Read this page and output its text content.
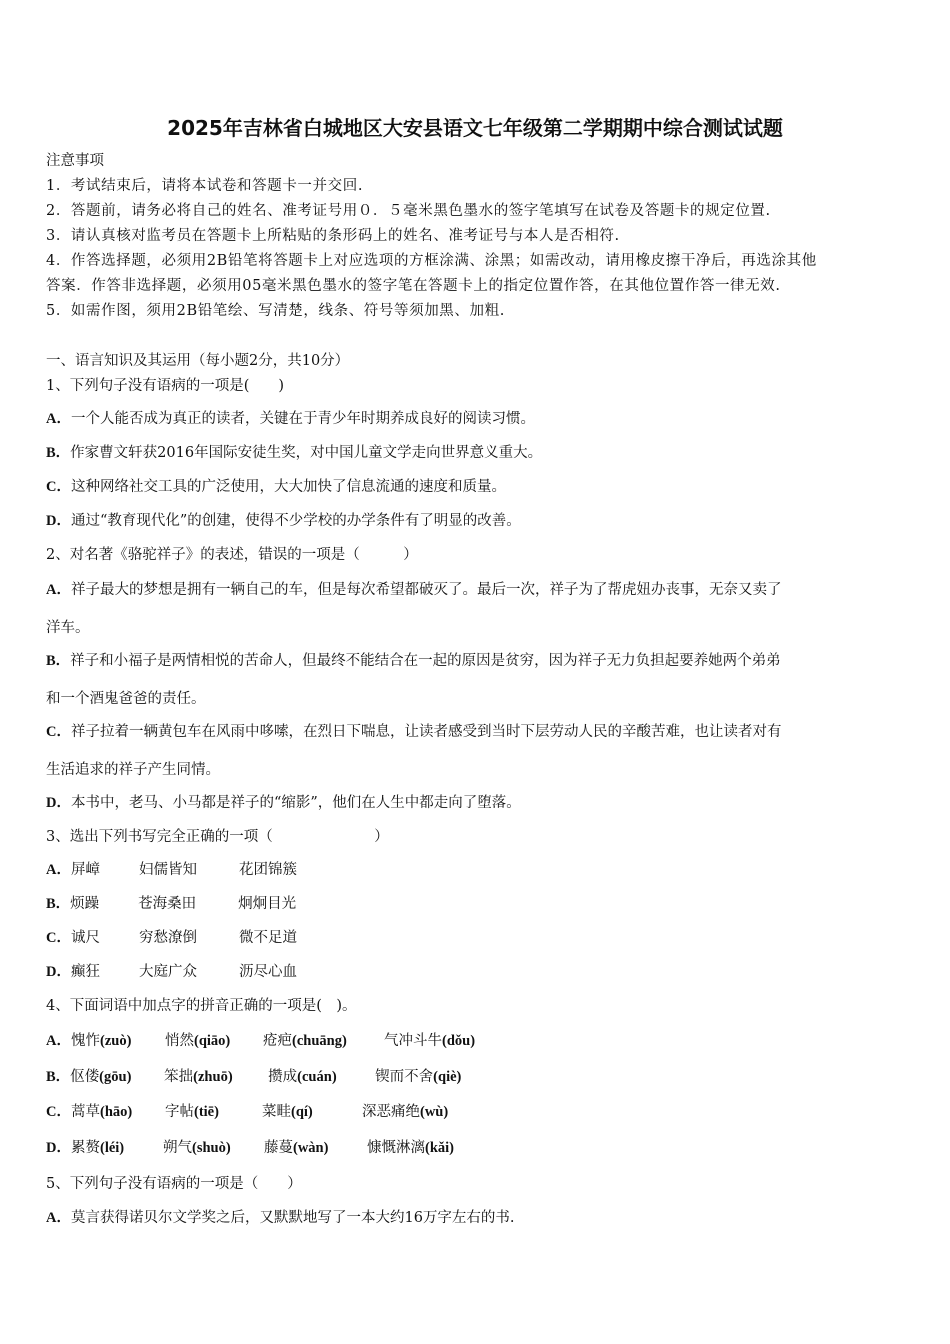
2025年吉林省白城地区大安县语文七年级第二学期期中综合测试试题
注意事项
1．考试结束后，请将本试卷和答题卡一并交回.
2．答题前，请务必将自己的姓名、准考证号用０．５毫米黑色墨水的签字笔填写在试卷及答题卡的规定位置.
3．请认真核对监考员在答题卡上所粘贴的条形码上的姓名、准考证号与本人是否相符.
4．作答选择题，必须用2B铅笔将答题卡上对应选项的方框涂满、涂黑；如需改动，请用橡皮擦干净后，再选涂其他
答案．作答非选择题，必须用05毫米黑色墨水的签字笔在答题卡上的指定位置作答，在其他位置作答一律无效.
5．如需作图，须用2B铅笔绘、写清楚，线条、符号等须加黑、加粗.
一、语言知识及其运用（每小题2分，共10分）
1、下列句子没有语病的一项是(　　)
A．一个人能否成为真正的读者，关键在于青少年时期养成良好的阅读习惯。
B．作家曹文轩获2016年国际安徒生奖，对中国儿童文学走向世界意义重大。
C．这种网络社交工具的广泛使用，大大加快了信息流通的速度和质量。
D．通过“教育现代化”的创建，使得不少学校的办学条件有了明显的改善。
2、对名著《骆驼祥子》的表述，错误的一项是（　　　）
A．祥子最大的梦想是拥有一辆自己的车，但是每次希望都破灭了。最后一次，祥子为了帮虎妞办丧事，无奈又卖了
洋车。
B．祥子和小福子是两情相悦的苦命人，但最终不能结合在一起的原因是贫穷，因为祥子无力负担起要养她两个弟弟
和一个酒鬼爸爸的责任。
C．祥子拉着一辆黄包车在风雨中哆嗦，在烈日下喘息，让读者感受到当时下层劳动人民的辛酸苦难，也让读者对有
生活追求的祥子产生同情。
D．本书中，老马、小马都是祥子的“缩影”，他们在人生中都走向了堕落。
3、选出下列书写完全正确的一项（　　　　　　　）
A．屏嶂	妇儒皆知	花团锦簇
B．烦躁	苍海桑田	炯炯目光
C．诚尺	穷愁潦倒	微不足道
D．癫狂	大庭广众	沥尽心血
4、下面词语中加点字的拼音正确的一项是(　)。
A．愧怍(zuò) 悄然(qiāo) 疮疤(chuāng)	气冲斗牛(dǒu)
B．伛偻(gōu) 笨拙(zhuō) 攒成(cuán)	锲而不舍(qiè)
C．蒿草(hāo) 字帖(tiē)	菜畦(qí)	深恶痛绝(wù)
D．累赘(léi)	朔气(shuò) 藤蔓(wàn)	慷慨淋漓(kǎi)
5、下列句子没有语病的一项是（　　）
A．莫言获得诺贝尔文学奖之后，又默默地写了一本大约16万字左右的书.
